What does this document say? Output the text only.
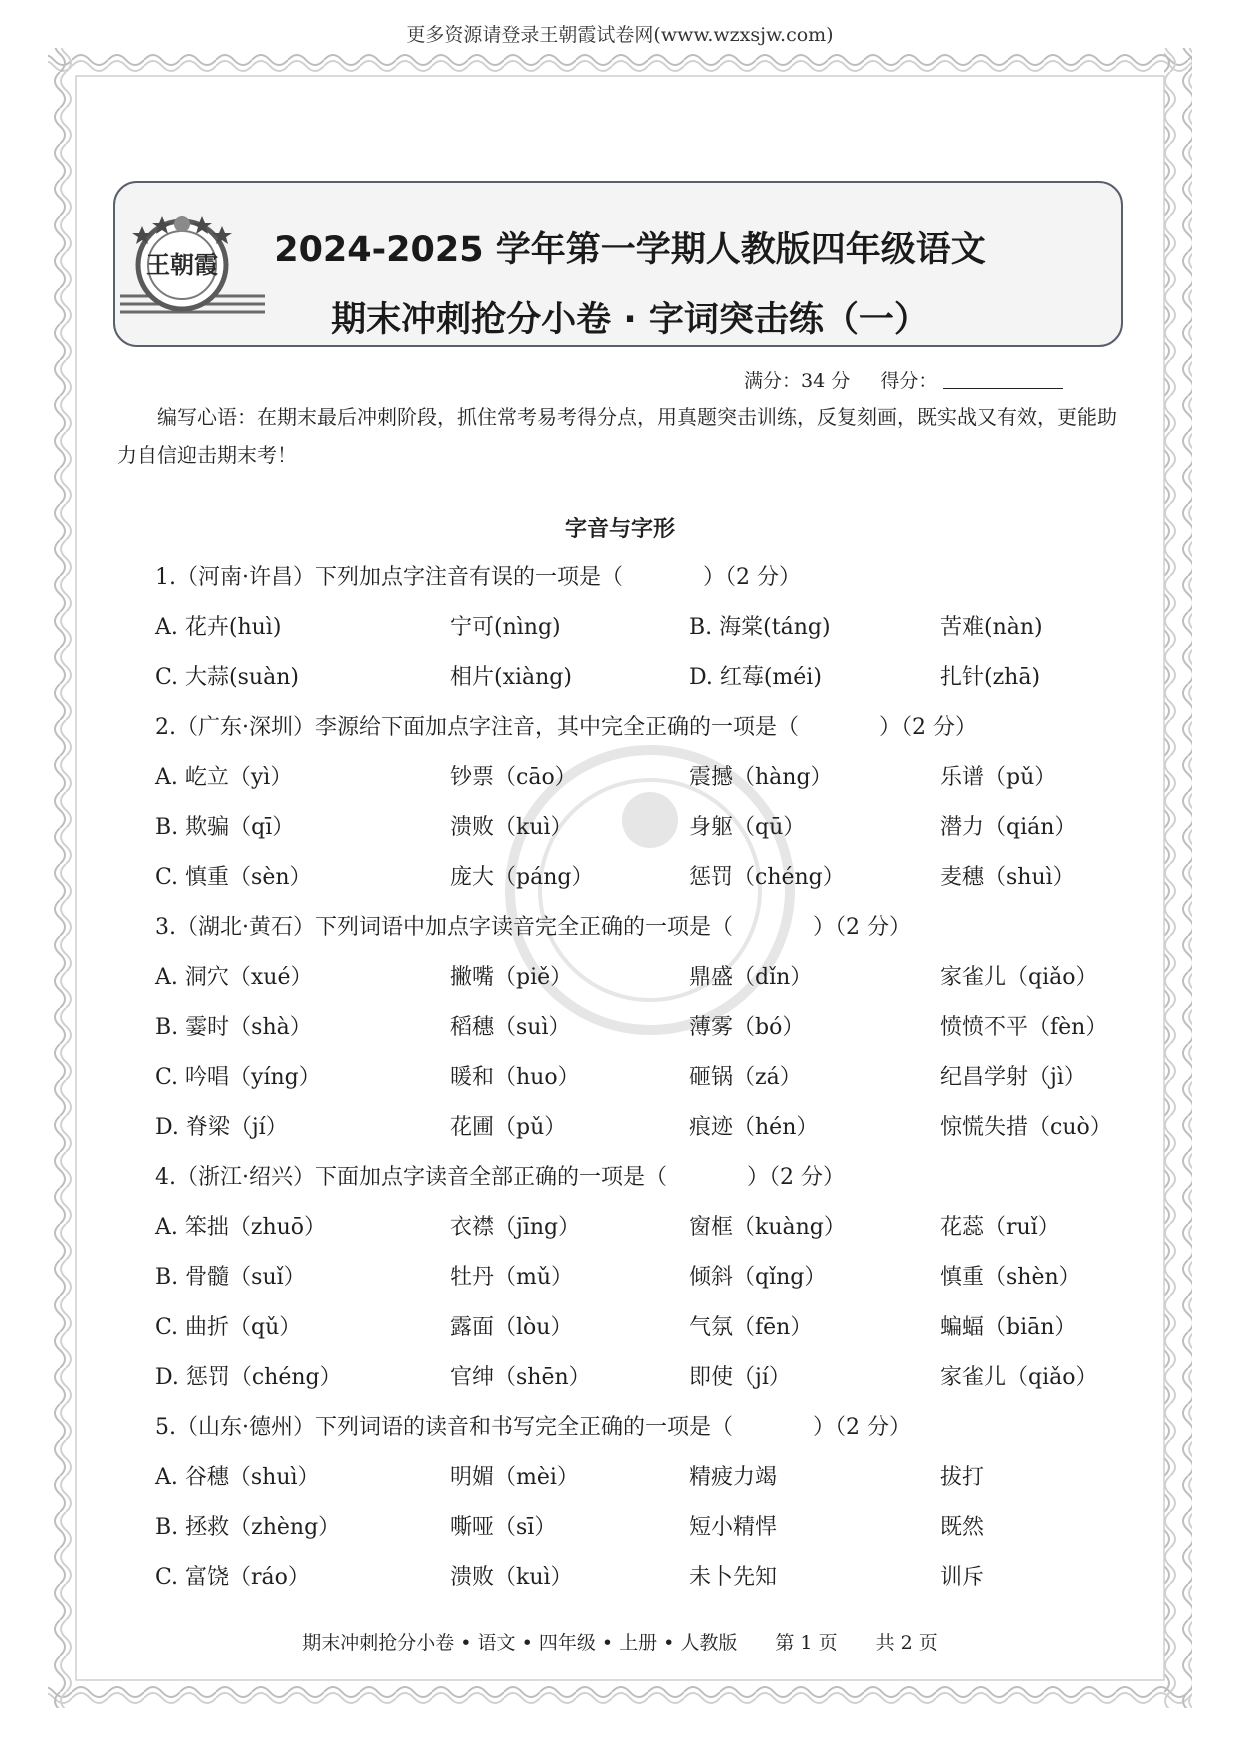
更多资源请登录王朝霞试卷网(www.wzxsjw.com)
王朝霞	2024-2025 学年第一学期人教版四年级语文
期末冲刺抢分小卷 · 字词突击练（一）
满分：34 分 得分：
编写心语：在期末最后冲刺阶段，抓住常考易考得分点，用真题突击训练，反复刻画，既实战又有效，更能助力自信迎击期末考！
字音与字形
1.（河南·许昌）下列加点字注音有误的一项是（	）（2 分）
A. 花卉(huì)	宁可(nìng)	B. 海棠(táng)	苦难(nàn)
C. 大蒜(suàn)	相片(xiàng)	D. 红莓(méi)	扎针(zhā)
2.（广东·深圳）李源给下面加点字注音，其中完全正确的一项是（	）（2 分）
A. 屹立（yì）	钞票（cāo）	震撼（hàng）	乐谱（pǔ）
B. 欺骗（qī）	溃败（kuì）	身躯（qū）	潜力（qián）
C. 慎重（sèn）	庞大（páng）	惩罚（chéng）	麦穗（shuì）
3.（湖北·黄石）下列词语中加点字读音完全正确的一项是（	）（2 分）
A. 洞穴（xué）	撇嘴（piě）	鼎盛（dǐn）	家雀儿（qiǎo）
B. 霎时（shà）	稻穗（suì）	薄雾（bó）	愤愤不平（fèn）
C. 吟唱（yíng）	暖和（huo）	砸锅（zá）	纪昌学射（jì）
D. 脊梁（jí）	花圃（pǔ）	痕迹（hén）	惊慌失措（cuò）
4.（浙江·绍兴）下面加点字读音全部正确的一项是（	）（2 分）
A. 笨拙（zhuō）	衣襟（jīng）	窗框（kuàng）	花蕊（ruǐ）
B. 骨髓（suǐ）	牡丹（mǔ）	倾斜（qǐng）	慎重（shèn）
C. 曲折（qǔ）	露面（lòu）	气氛（fēn）	蝙蝠（biān）
D. 惩罚（chéng）	官绅（shēn）	即使（jí）	家雀儿（qiǎo）
5.（山东·德州）下列词语的读音和书写完全正确的一项是（	）（2 分）
A. 谷穗（shuì）	明媚（mèi）	精疲力竭	拔打
B. 拯救（zhèng）	嘶哑（sī）	短小精悍	既然
C. 富饶（ráo）	溃败（kuì）	未卜先知	训斥
期末冲刺抢分小卷 • 语文 • 四年级 • 上册 • 人教版　　第 1 页　　共 2 页
